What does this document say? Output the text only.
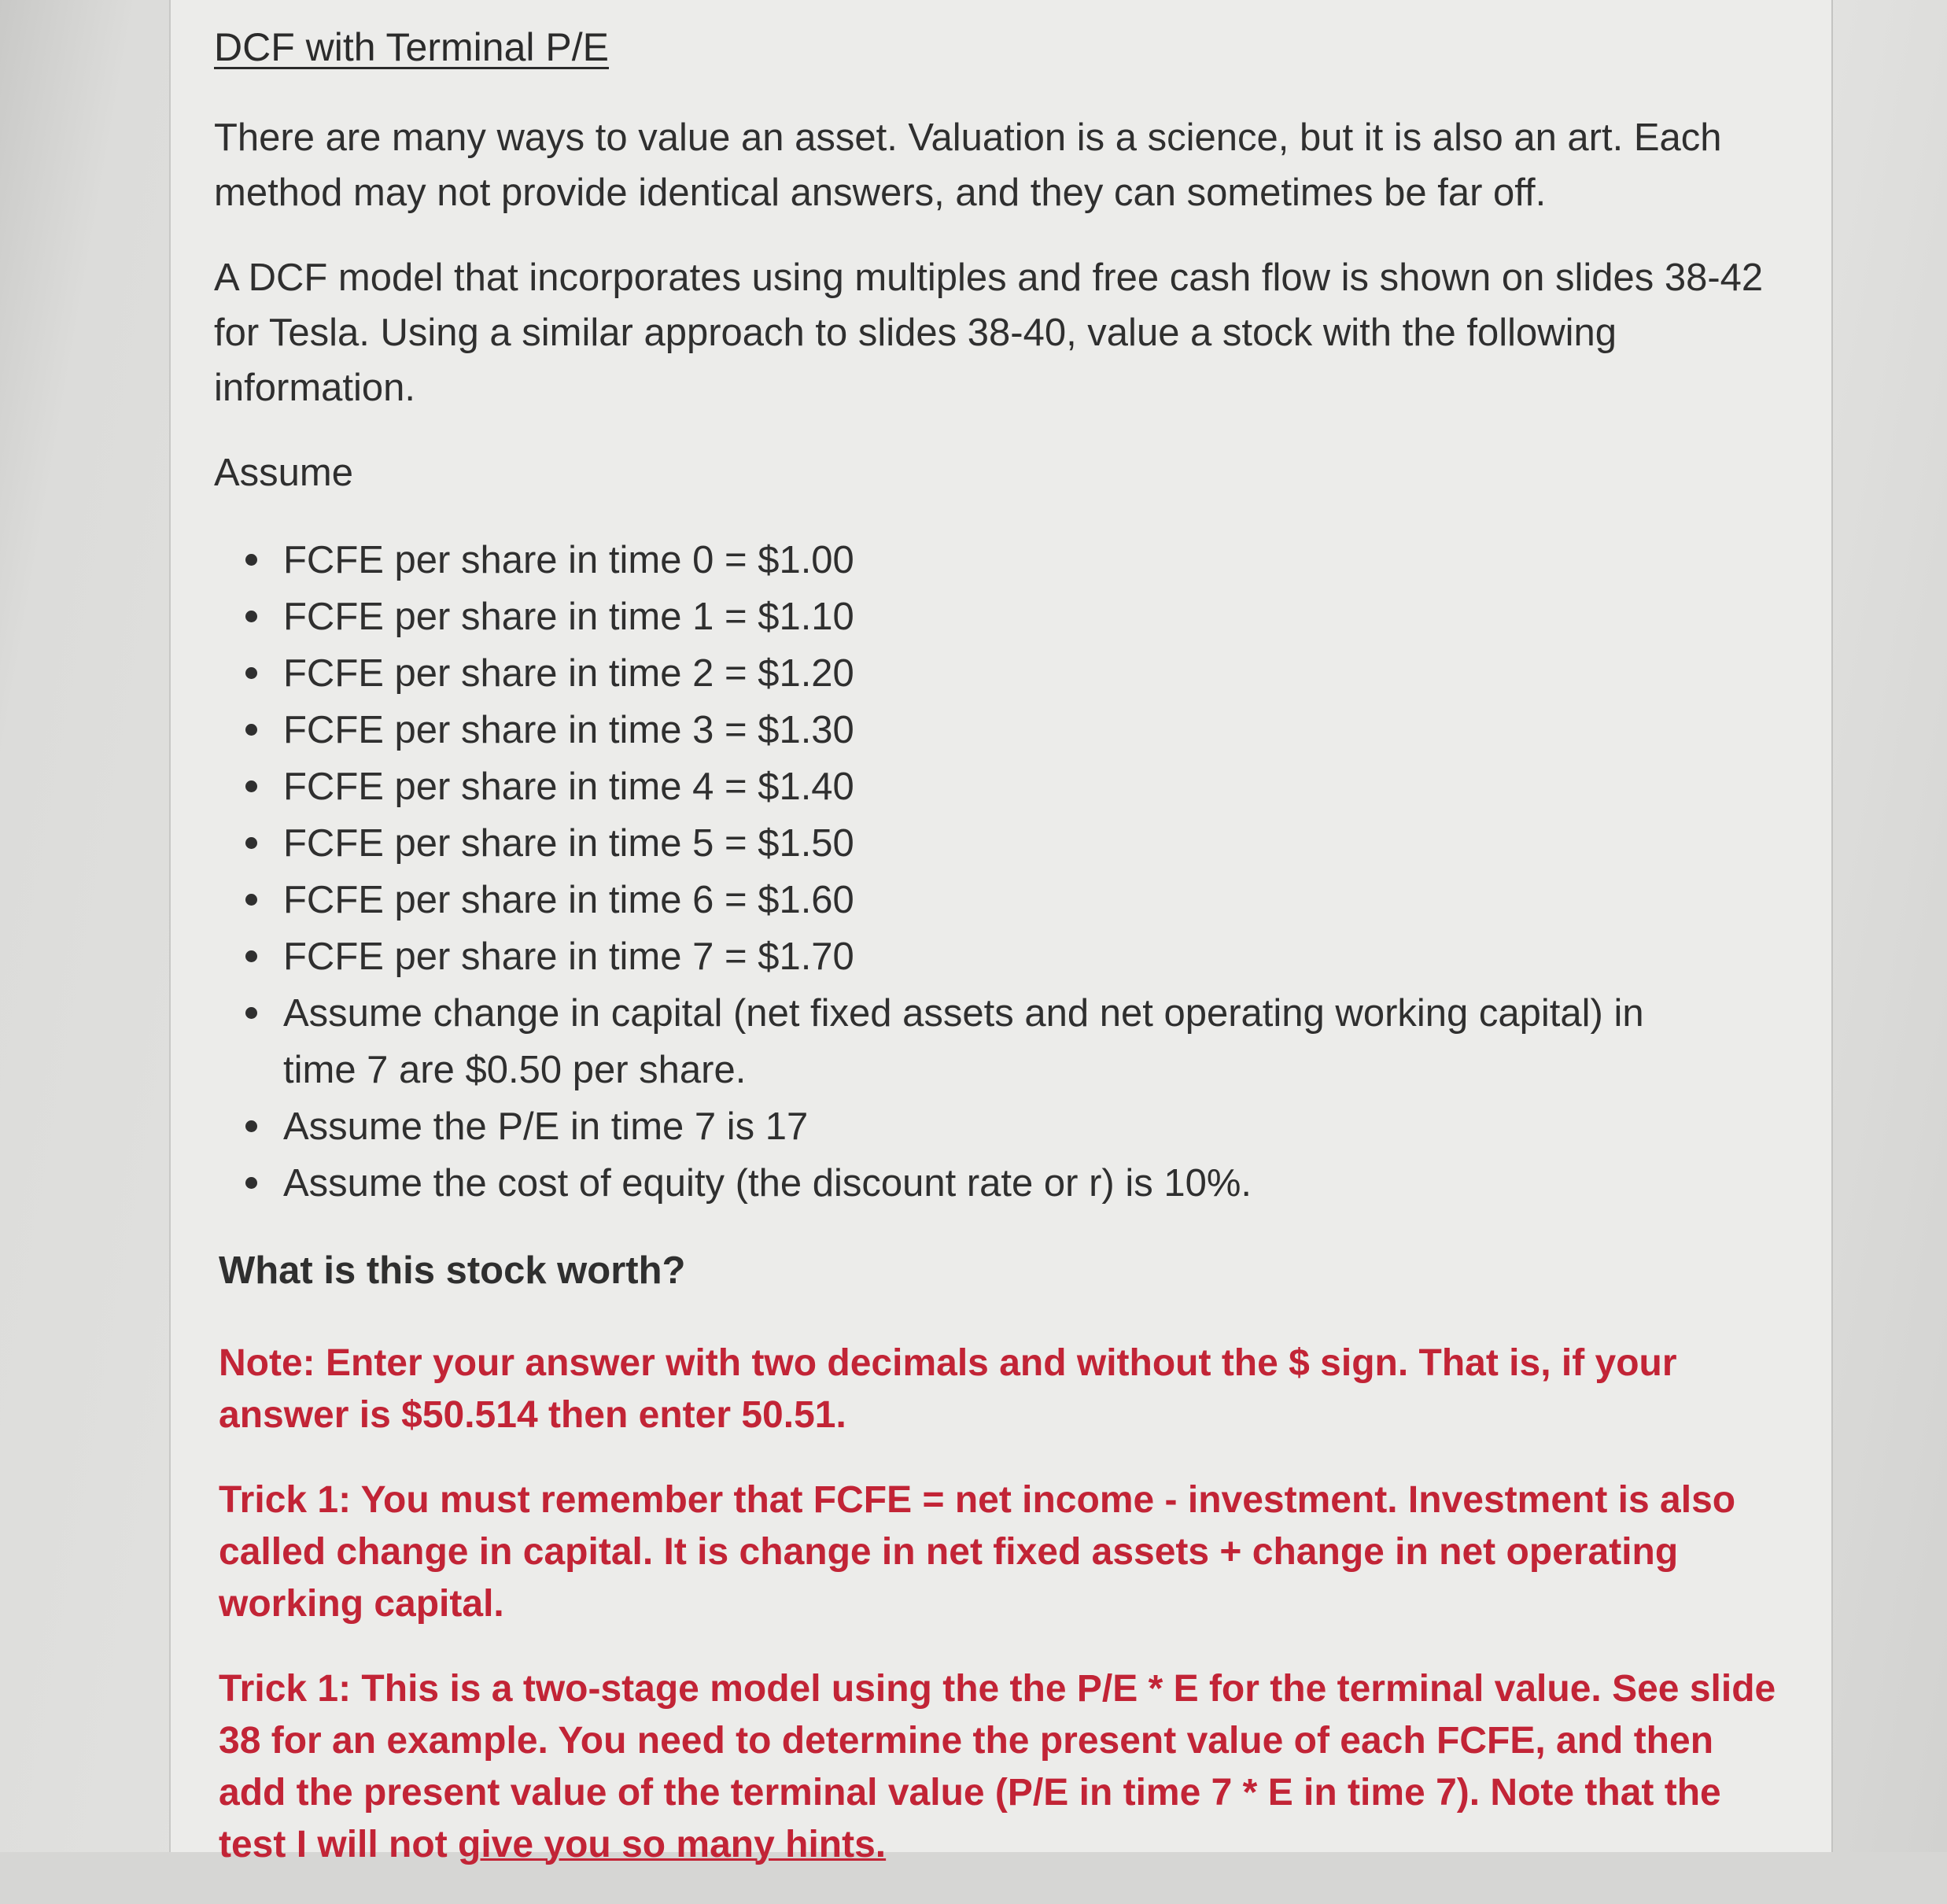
DCF with Terminal P/E

There are many ways to value an asset. Valuation is a science, but it is also an art. Each method may not provide identical answers, and they can sometimes be far off.

A DCF model that incorporates using multiples and free cash flow is shown on slides 38-42 for Tesla. Using a similar approach to slides 38-40, value a stock with the following information.

Assume
FCFE per share in time 0 = $1.00
FCFE per share in time 1 = $1.10
FCFE per share in time 2 = $1.20
FCFE per share in time 3 = $1.30
FCFE per share in time 4 = $1.40
FCFE per share in time 5 = $1.50
FCFE per share in time 6 = $1.60
FCFE per share in time 7 = $1.70
Assume change in capital (net fixed assets and net operating working capital) in time 7 are $0.50 per share.
Assume the P/E in time 7 is 17
Assume the cost of equity (the discount rate or r) is 10%.
What is this stock worth?

Note: Enter your answer with two decimals and without the $ sign. That is, if your answer is $50.514 then enter 50.51.

Trick 1: You must remember that FCFE = net income - investment. Investment is also called change in capital. It is change in net fixed assets + change in net operating working capital.

Trick 1: This is a two-stage model using the the P/E * E for the terminal value. See slide 38 for an example. You need to determine the present value of each FCFE, and then add the present value of the terminal value (P/E in time 7 * E in time 7). Note that the test I will not give you so many hints.
